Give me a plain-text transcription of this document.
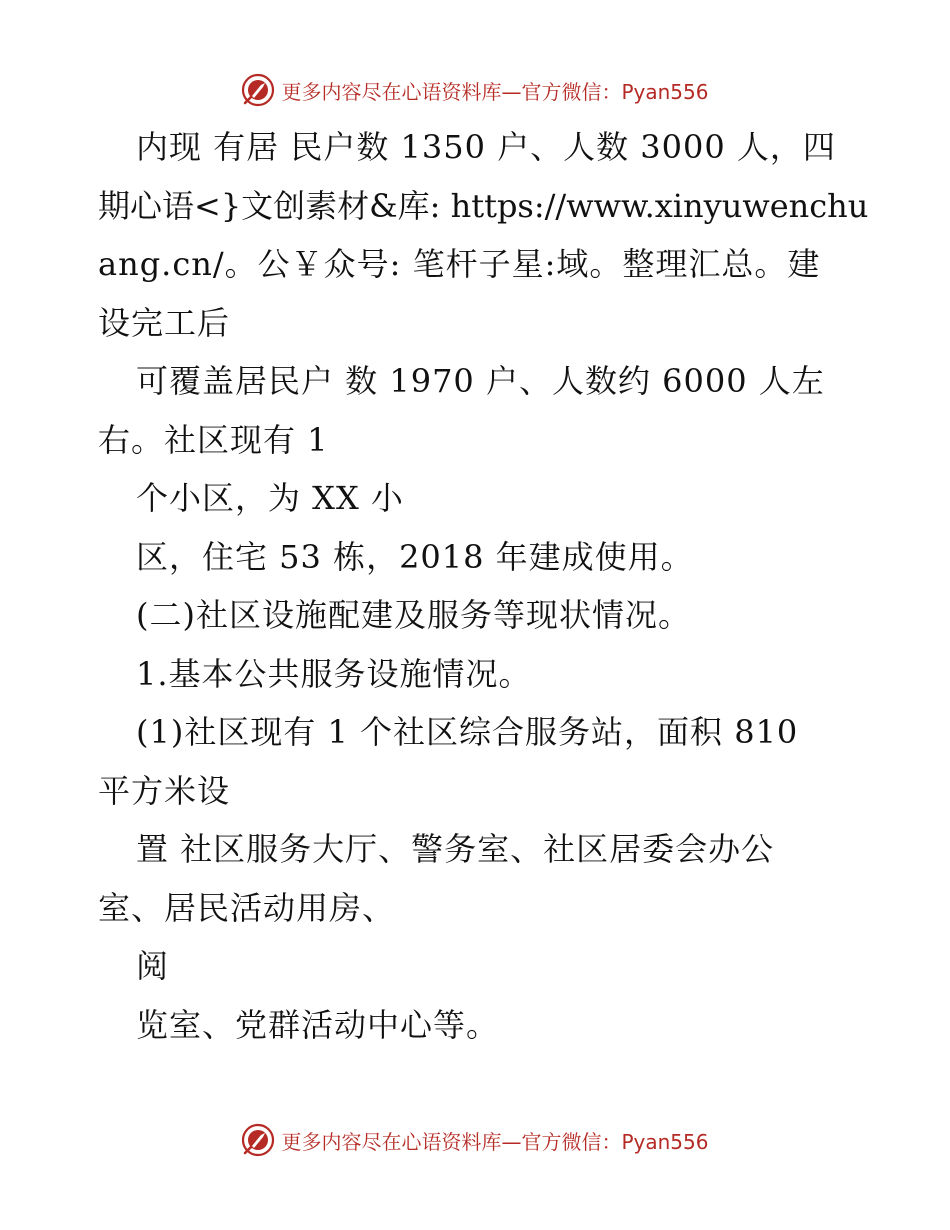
更多内容尽在心语资料库—官方微信：Pyan556
内现 有居 民户数 1350 户、人数 3000 人，四
期心语<}文创素材&库: https://www.xinyuwenchu
ang.cn/。公￥众号: 笔杆子星:域。整理汇总。建
设完工后
可覆盖居民户 数 1970 户、人数约 6000 人左
右。社区现有 1
个小区，为 XX 小
区，住宅 53 栋，2018 年建成使用。
(二)社区设施配建及服务等现状情况。
1.基本公共服务设施情况。
(1)社区现有 1 个社区综合服务站，面积 810
平方米设
置 社区服务大厅、警务室、社区居委会办公
室、居民活动用房、
阅
览室、党群活动中心等。
更多内容尽在心语资料库—官方微信：Pyan556
